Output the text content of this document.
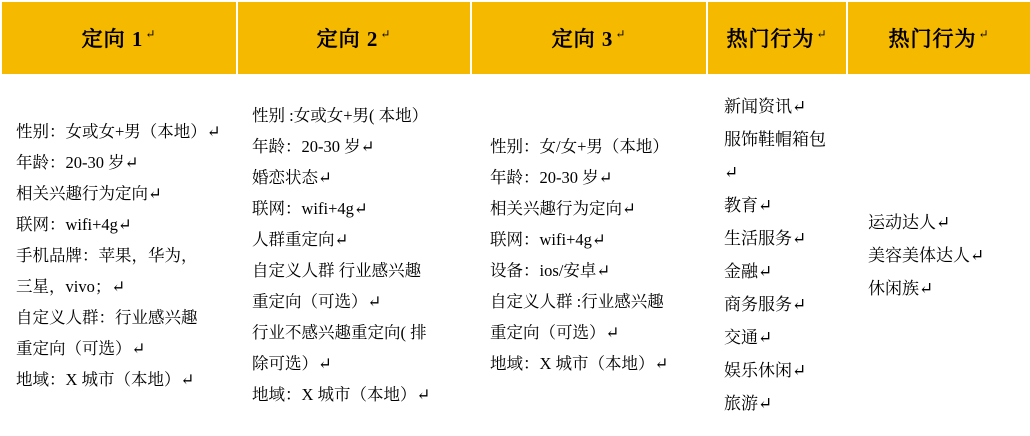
定向 1 ↵	定向 2 ↵	定向 3 ↵	热门行为 ↵	热门行为 ↵

性别：女或女+男（本地）↵
年龄：20-30 岁↵
相关兴趣行为定向↵
联网：wifi+4g↵
手机品牌：苹果，华为，
三星，vivo；↵
自定义人群：行业感兴趣
重定向（可选）↵
地域：X 城市（本地）↵

性别 :女或女+男( 本地）
年龄：20-30 岁↵
婚恋状态↵
联网：wifi+4g↵
人群重定向↵
自定义人群 行业感兴趣
重定向（可选）↵
行业不感兴趣重定向( 排
除可选）↵
地域：X 城市（本地）↵

性别：女/女+男（本地）
年龄：20-30 岁↵
相关兴趣行为定向↵
联网：wifi+4g↵
设备：ios/安卓↵
自定义人群 :行业感兴趣
重定向（可选）↵
地域：X 城市（本地）↵

新闻资讯↵
服饰鞋帽箱包↵
教育↵
生活服务↵
金融↵
商务服务↵
交通↵
娱乐休闲↵
旅游↵

运动达人↵
美容美体达人↵
休闲族↵
